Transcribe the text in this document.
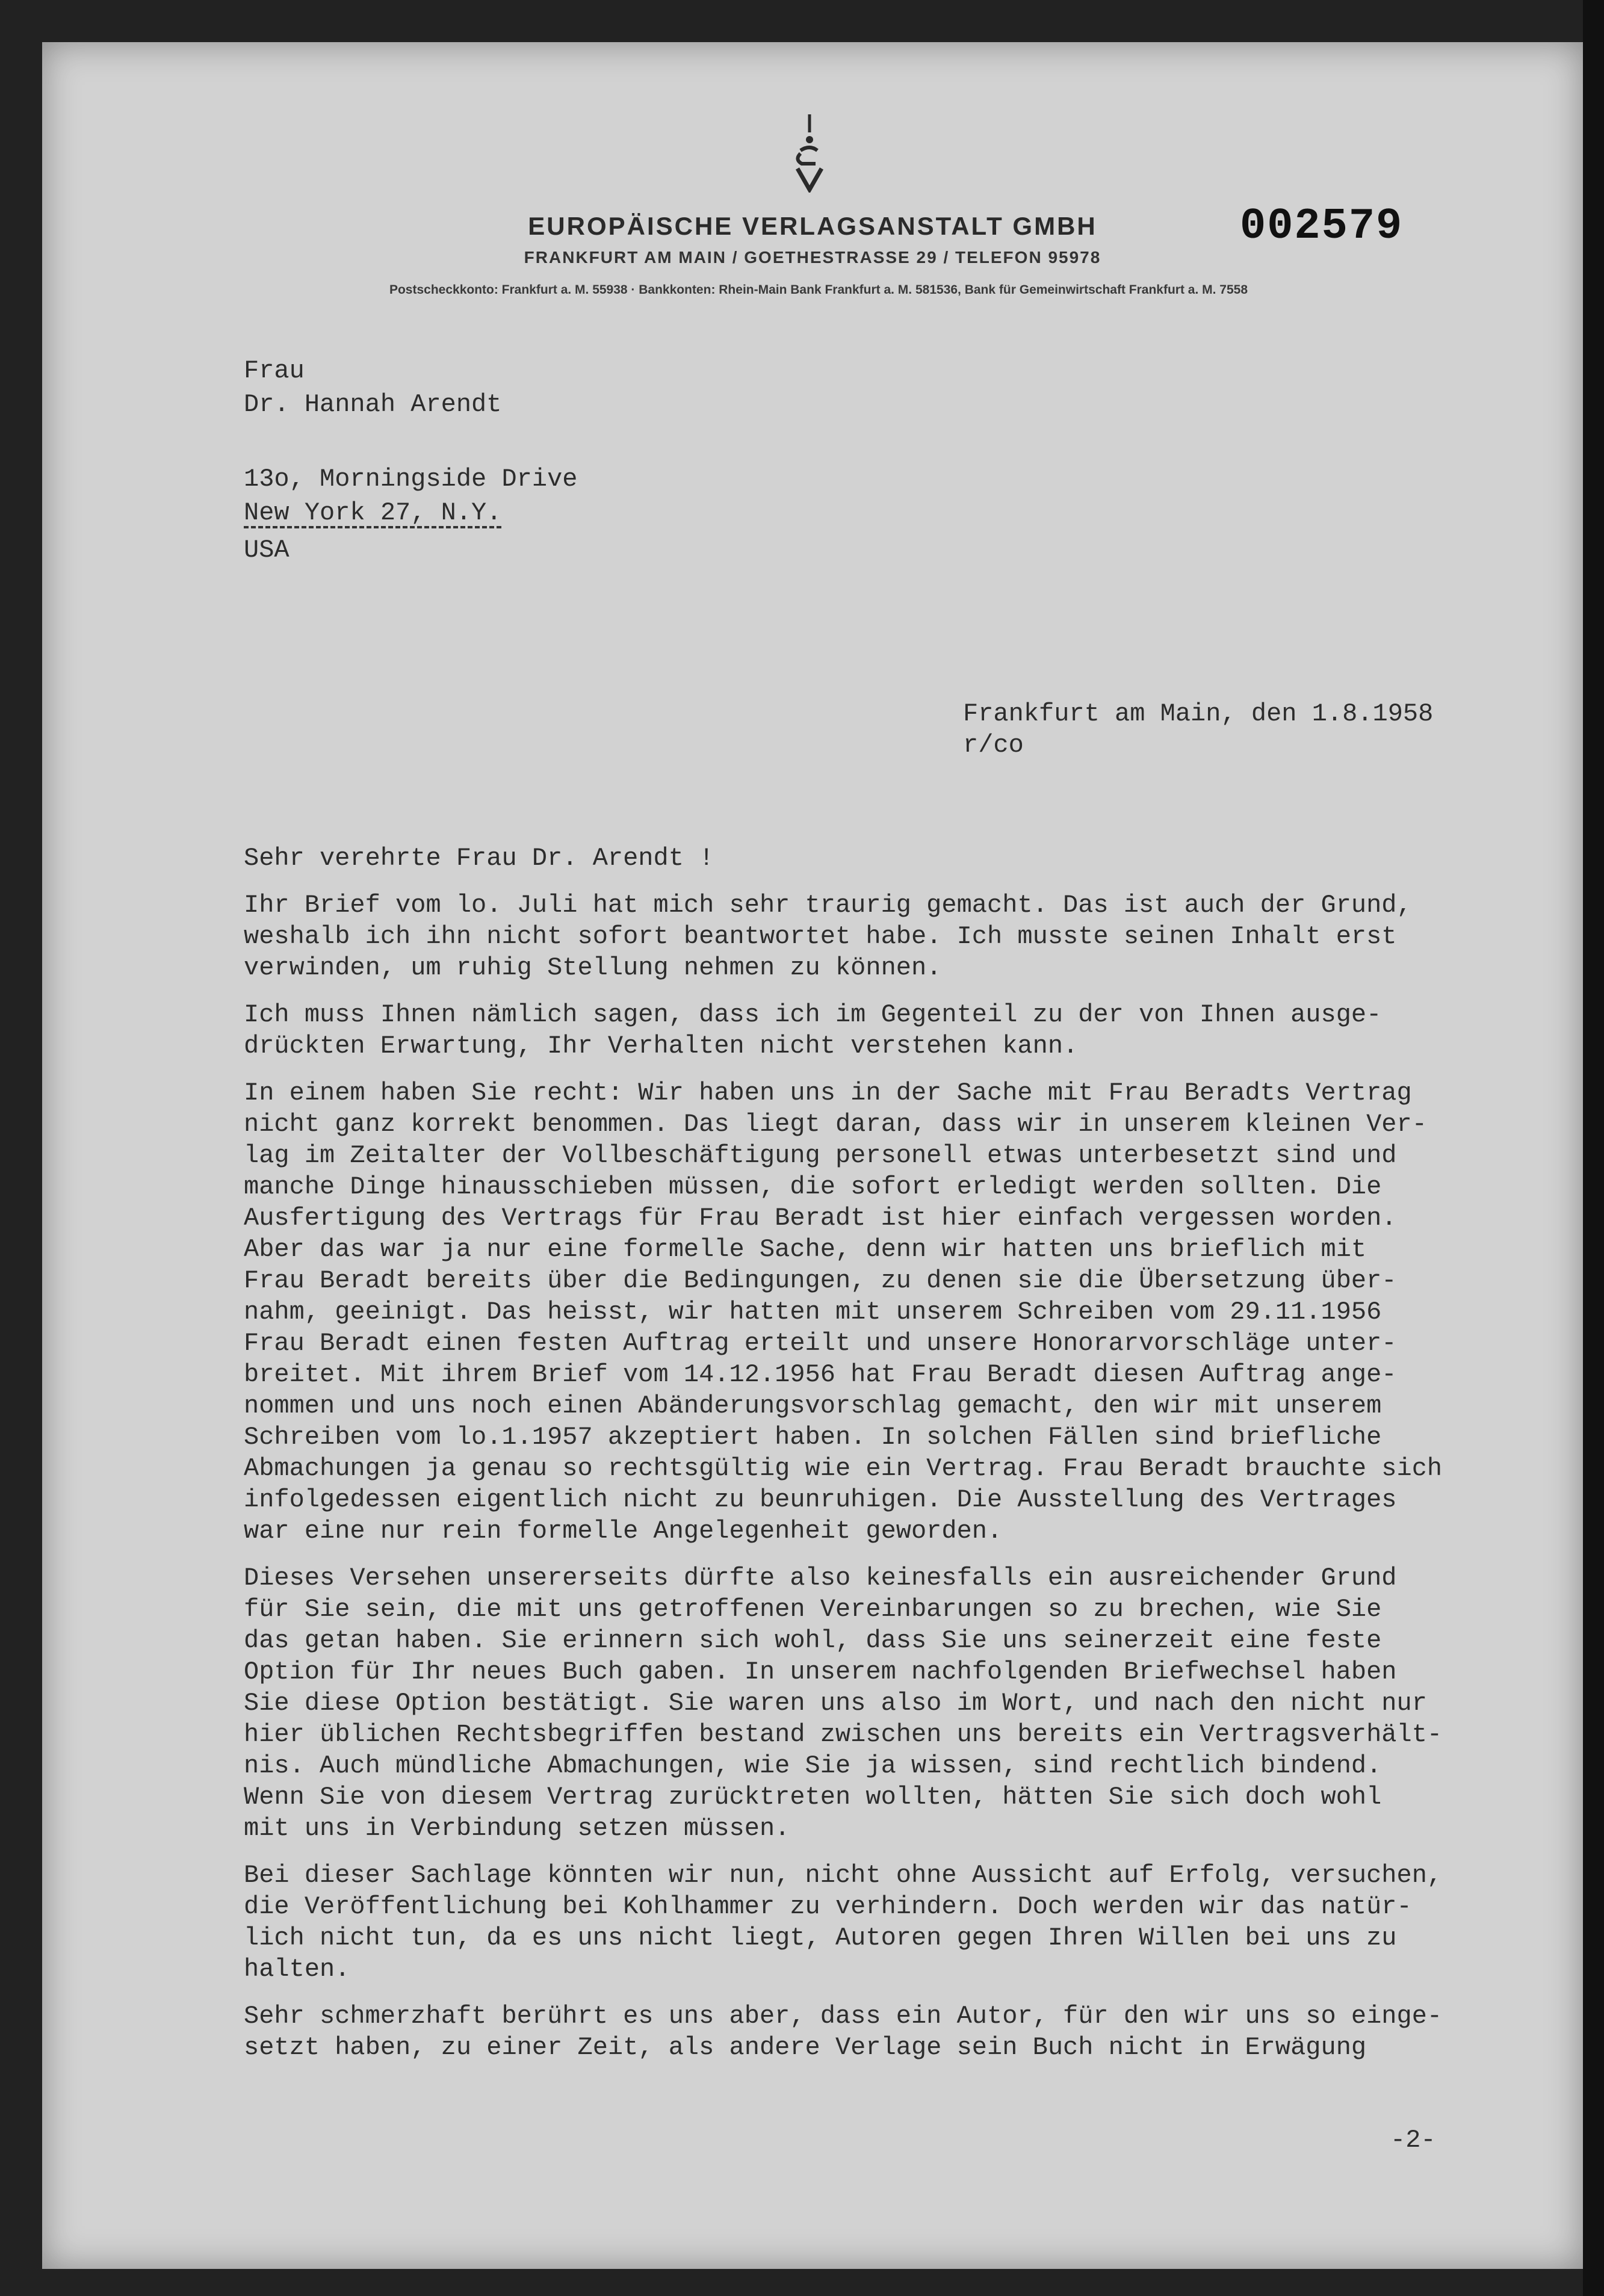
EUROPÄISCHE VERLAGSANSTALT GMBH
FRANKFURT AM MAIN / GOETHESTRASSE 29 / TELEFON 95978
Postscheckkonto: Frankfurt a. M. 55938 · Bankkonten: Rhein-Main Bank Frankfurt a. M. 581536, Bank für Gemeinwirtschaft Frankfurt a. M. 7558
002579
Frau
Dr. Hannah Arendt
13o, Morningside Drive
New York 27, N.Y.
USA
Frankfurt am Main, den 1.8.1958
r/co
Sehr verehrte Frau Dr. Arendt !
Ihr Brief vom lo. Juli hat mich sehr traurig gemacht. Das ist auch der Grund,
weshalb ich ihn nicht sofort beantwortet habe. Ich musste seinen Inhalt erst
verwinden, um ruhig Stellung nehmen zu können.
Ich muss Ihnen nämlich sagen, dass ich im Gegenteil zu der von Ihnen ausge-
drückten Erwartung, Ihr Verhalten nicht verstehen kann.
In einem haben Sie recht: Wir haben uns in der Sache mit Frau Beradts Vertrag
nicht ganz korrekt benommen. Das liegt daran, dass wir in unserem kleinen Ver-
lag im Zeitalter der Vollbeschäftigung personell etwas unterbesetzt sind und
manche Dinge hinausschieben müssen, die sofort erledigt werden sollten. Die
Ausfertigung des Vertrags für Frau Beradt ist hier einfach vergessen worden.
Aber das war ja nur eine formelle Sache, denn wir hatten uns brieflich mit
Frau Beradt bereits über die Bedingungen, zu denen sie die Übersetzung über-
nahm, geeinigt. Das heisst, wir hatten mit unserem Schreiben vom 29.11.1956
Frau Beradt einen festen Auftrag erteilt und unsere Honorarvorschläge unter-
breitet. Mit ihrem Brief vom 14.12.1956 hat Frau Beradt diesen Auftrag ange-
nommen und uns noch einen Abänderungsvorschlag gemacht, den wir mit unserem
Schreiben vom lo.1.1957 akzeptiert haben. In solchen Fällen sind briefliche
Abmachungen ja genau so rechtsgültig wie ein Vertrag. Frau Beradt brauchte sich
infolgedessen eigentlich nicht zu beunruhigen. Die Ausstellung des Vertrages
war eine nur rein formelle Angelegenheit geworden.
Dieses Versehen unsererseits dürfte also keinesfalls ein ausreichender Grund
für Sie sein, die mit uns getroffenen Vereinbarungen so zu brechen, wie Sie
das getan haben. Sie erinnern sich wohl, dass Sie uns seinerzeit eine feste
Option für Ihr neues Buch gaben. In unserem nachfolgenden Briefwechsel haben
Sie diese Option bestätigt. Sie waren uns also im Wort, und nach den nicht nur
hier üblichen Rechtsbegriffen bestand zwischen uns bereits ein Vertragsverhält-
nis. Auch mündliche Abmachungen, wie Sie ja wissen, sind rechtlich bindend.
Wenn Sie von diesem Vertrag zurücktreten wollten, hätten Sie sich doch wohl
mit uns in Verbindung setzen müssen.
Bei dieser Sachlage könnten wir nun, nicht ohne Aussicht auf Erfolg, versuchen,
die Veröffentlichung bei Kohlhammer zu verhindern. Doch werden wir das natür-
lich nicht tun, da es uns nicht liegt, Autoren gegen Ihren Willen bei uns zu
halten.
Sehr schmerzhaft berührt es uns aber, dass ein Autor, für den wir uns so einge-
setzt haben, zu einer Zeit, als andere Verlage sein Buch nicht in Erwägung
-2-
